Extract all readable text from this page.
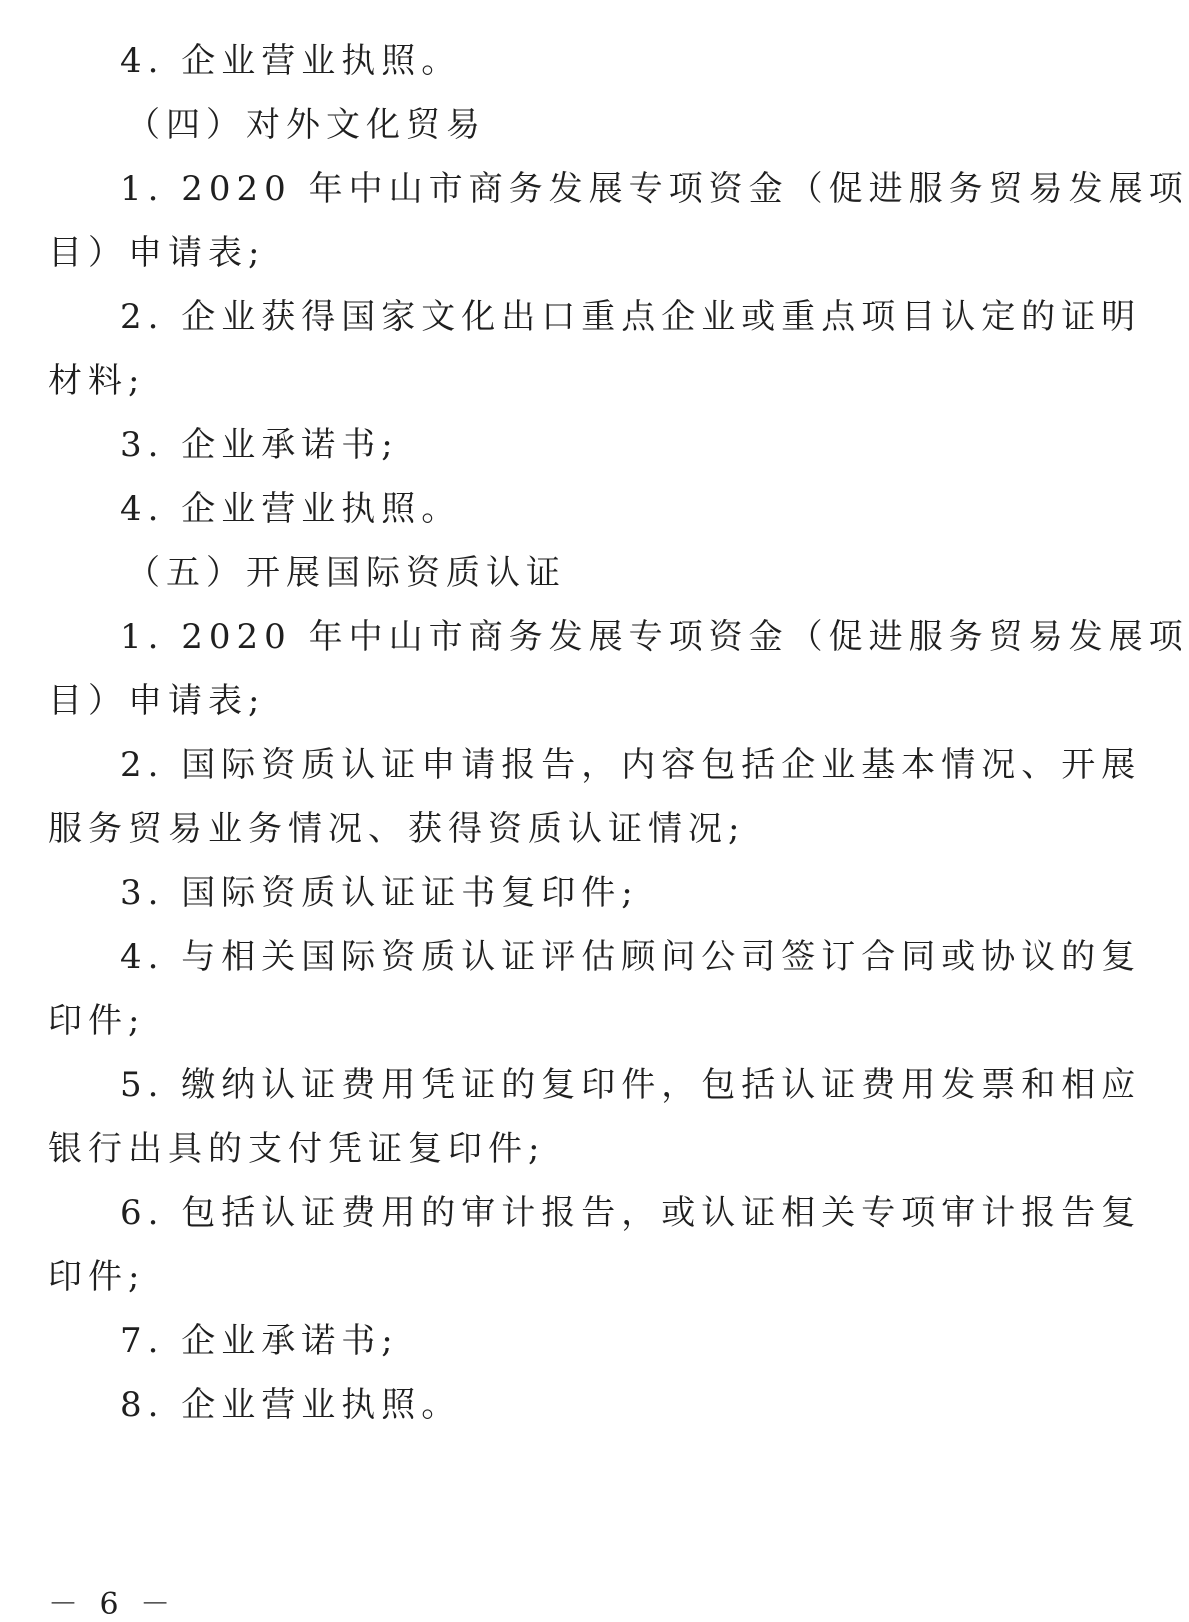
4. 企业营业执照。
（四）对外文化贸易
1. 2020 年中山市商务发展专项资金（促进服务贸易发展项
目）申请表;
2. 企业获得国家文化出口重点企业或重点项目认定的证明
材料;
3. 企业承诺书;
4. 企业营业执照。
（五）开展国际资质认证
1. 2020 年中山市商务发展专项资金（促进服务贸易发展项
目）申请表;
2. 国际资质认证申请报告，内容包括企业基本情况、开展
服务贸易业务情况、获得资质认证情况;
3. 国际资质认证证书复印件;
4. 与相关国际资质认证评估顾问公司签订合同或协议的复
印件;
5. 缴纳认证费用凭证的复印件，包括认证费用发票和相应
银行出具的支付凭证复印件;
6. 包括认证费用的审计报告，或认证相关专项审计报告复
印件;
7. 企业承诺书;
8. 企业营业执照。
－ 6 －
